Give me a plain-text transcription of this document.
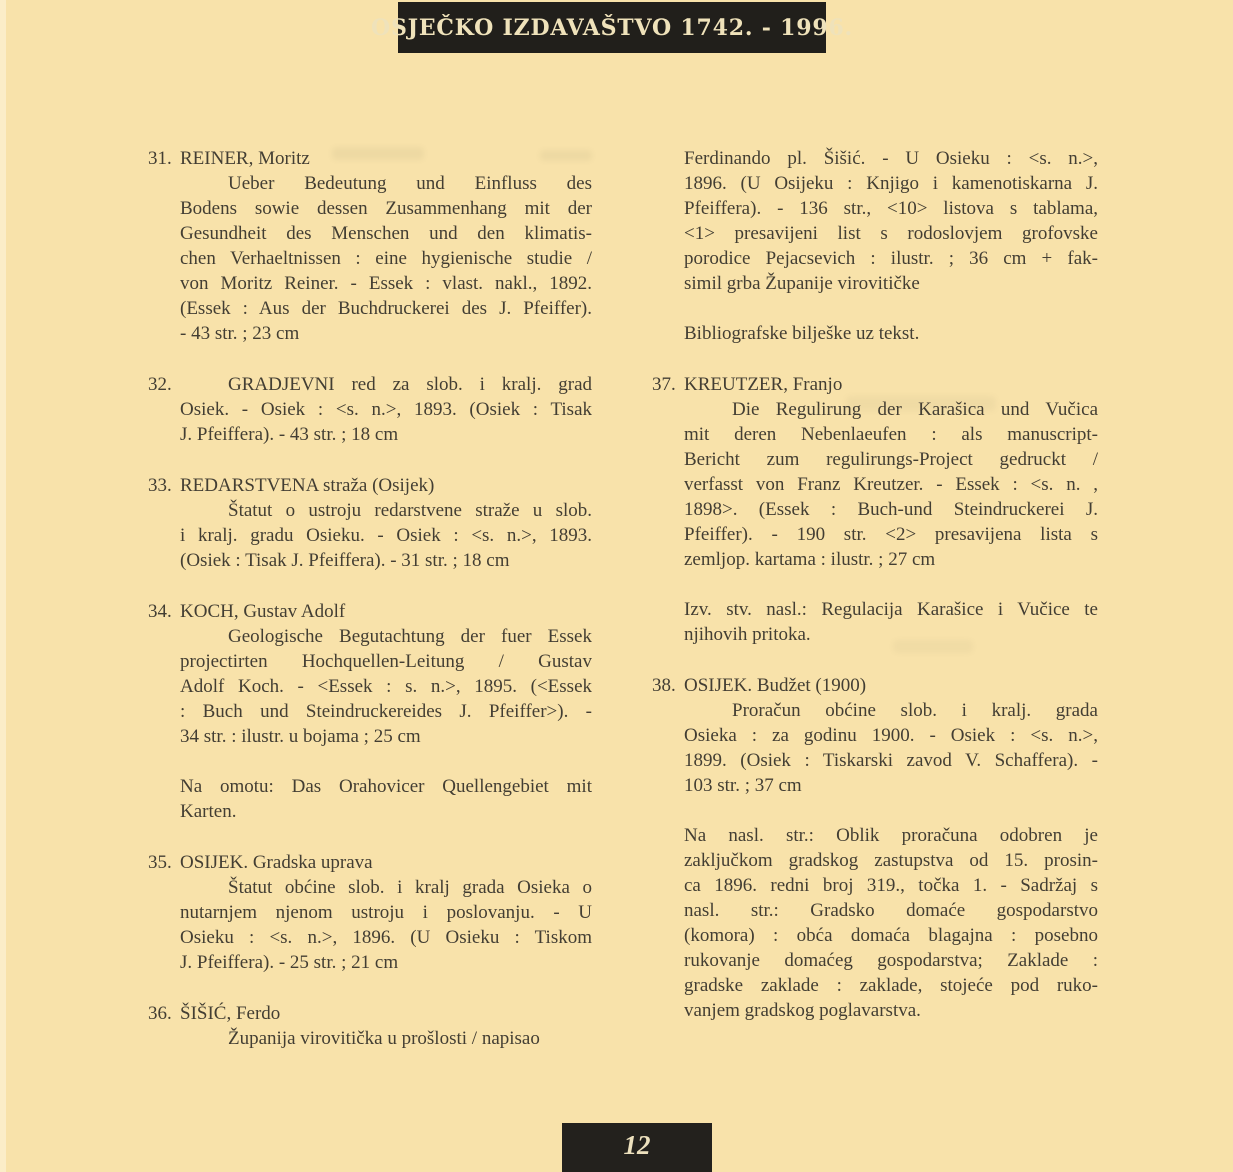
OSJEČKO IZDAVAŠTVO 1742. - 1996.
31. REINER, Moritz
Ueber Bedeutung und Einfluss des
Bodens sowie dessen Zusammenhang mit der
Gesundheit des Menschen und den klimatis-
chen Verhaeltnissen : eine hygienische studie /
von Moritz Reiner. - Essek : vlast. nakl., 1892.
(Essek : Aus der Buchdruckerei des J. Pfeiffer).
- 43 str. ; 23 cm
32.	GRADJEVNI red za slob. i kralj. grad
Osiek. - Osiek : <s. n.>, 1893. (Osiek : Tisak
J. Pfeiffera). - 43 str. ; 18 cm
33. REDARSTVENA straža (Osijek)
Štatut o ustroju redarstvene straže u slob.
i kralj. gradu Osieku. - Osiek : <s. n.>, 1893.
(Osiek : Tisak J. Pfeiffera). - 31 str. ; 18 cm
34. KOCH, Gustav Adolf
Geologische Begutachtung der fuer Essek
projectirten Hochquellen-Leitung / Gustav
Adolf Koch. - <Essek : s. n.>, 1895. (<Essek
: Buch und Steindruckereides J. Pfeiffer>). -
34 str. : ilustr. u bojama ; 25 cm
Na omotu: Das Orahovicer Quellengebiet mit
Karten.
35. OSIJEK. Gradska uprava
Štatut obćine slob. i kralj grada Osieka o
nutarnjem njenom ustroju i poslovanju. - U
Osieku : <s. n.>, 1896. (U Osieku : Tiskom
J. Pfeiffera). - 25 str. ; 21 cm
36. ŠIŠIĆ, Ferdo
Županija virovitička u prošlosti / napisao
Ferdinando pl. Šišić. - U Osieku : <s. n.>,
1896. (U Osijeku : Knjigo i kamenotiskarna J.
Pfeiffera). - 136 str., <10> listova s tablama,
<1> presavijeni list s rodoslovjem grofovske
porodice Pejacsevich : ilustr. ; 36 cm + fak-
simil grba Županije virovitičke
Bibliografske bilješke uz tekst.
37. KREUTZER, Franjo
Die Regulirung der Karašica und Vučica
mit deren Nebenlaeufen : als manuscript-
Bericht zum regulirungs-Project gedruckt /
verfasst von Franz Kreutzer. - Essek : <s. n. ,
1898>. (Essek : Buch-und Steindruckerei J.
Pfeiffer). - 190 str. <2> presavijena lista s
zemljop. kartama : ilustr. ; 27 cm
Izv. stv. nasl.: Regulacija Karašice i Vučice te
njihovih pritoka.
38. OSIJEK. Budžet (1900)
Proračun obćine slob. i kralj. grada
Osieka : za godinu 1900. - Osiek : <s. n.>,
1899. (Osiek : Tiskarski zavod V. Schaffera). -
103 str. ; 37 cm
Na nasl. str.: Oblik proračuna odobren je
zaključkom gradskog zastupstva od 15. prosin-
ca 1896. redni broj 319., točka 1. - Sadržaj s
nasl. str.: Gradsko domaće gospodarstvo
(komora) : obća domaća blagajna : posebno
rukovanje domaćeg gospodarstva; Zaklade :
gradske zaklade : zaklade, stojeće pod ruko-
vanjem gradskog poglavarstva.
12
